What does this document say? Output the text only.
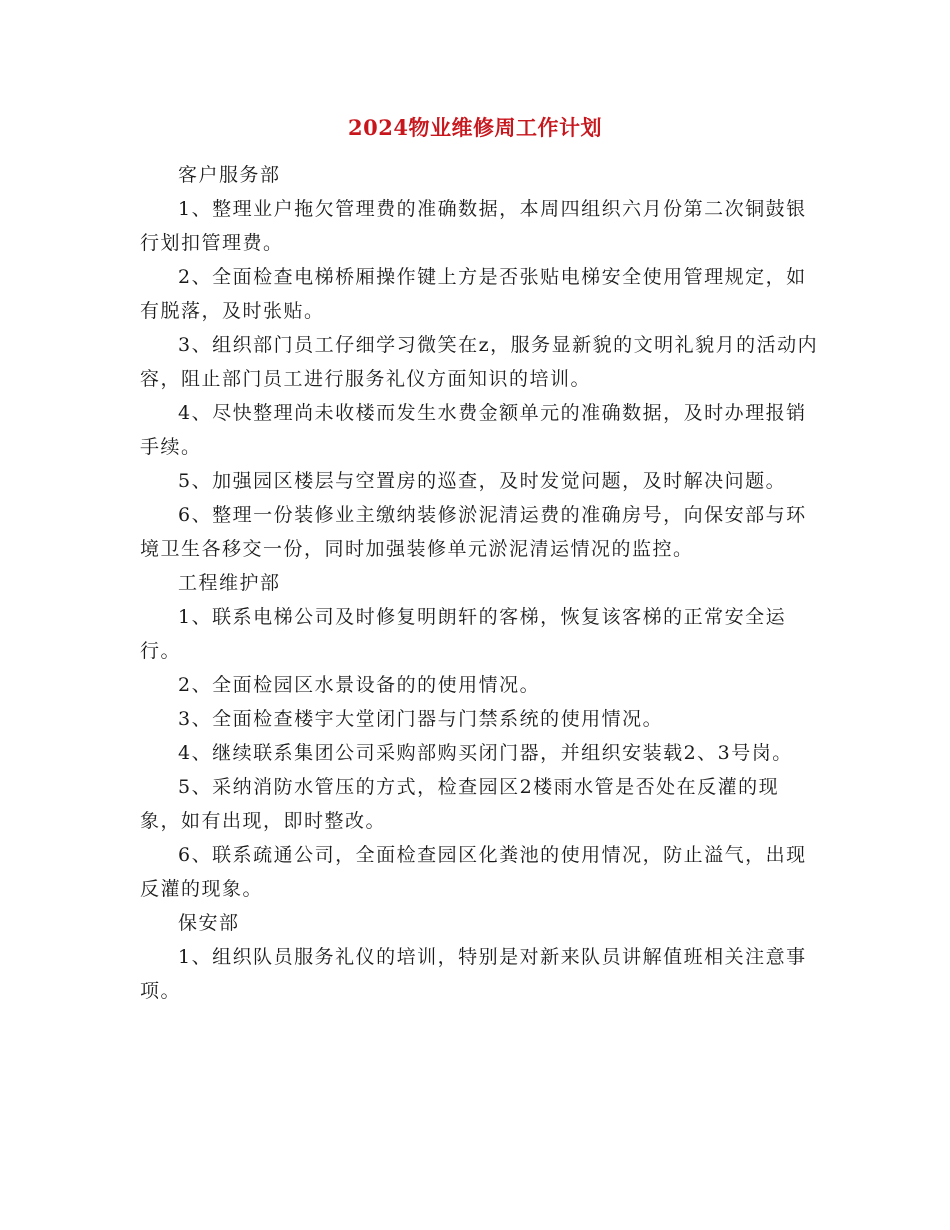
2024物业维修周工作计划

客户服务部

1、整理业户拖欠管理费的准确数据，本周四组织六月份第二次铜鼓银行划扣管理费。

2、全面检查电梯桥厢操作键上方是否张贴电梯安全使用管理规定，如有脱落，及时张贴。

3、组织部门员工仔细学习微笑在z，服务显新貌的文明礼貌月的活动内容，阻止部门员工进行服务礼仪方面知识的培训。

4、尽快整理尚未收楼而发生水费金额单元的准确数据，及时办理报销手续。

5、加强园区楼层与空置房的巡查，及时发觉问题，及时解决问题。

6、整理一份装修业主缴纳装修淤泥清运费的准确房号，向保安部与环境卫生各移交一份，同时加强装修单元淤泥清运情况的监控。

工程维护部

1、联系电梯公司及时修复明朗轩的客梯，恢复该客梯的正常安全运行。

2、全面检园区水景设备的的使用情况。

3、全面检查楼宇大堂闭门器与门禁系统的使用情况。

4、继续联系集团公司采购部购买闭门器，并组织安装载2、3号岗。

5、采纳消防水管压的方式，检查园区2楼雨水管是否处在反灌的现象，如有出现，即时整改。

6、联系疏通公司，全面检查园区化粪池的使用情况，防止溢气，出现反灌的现象。

保安部

1、组织队员服务礼仪的培训，特别是对新来队员讲解值班相关注意事项。
